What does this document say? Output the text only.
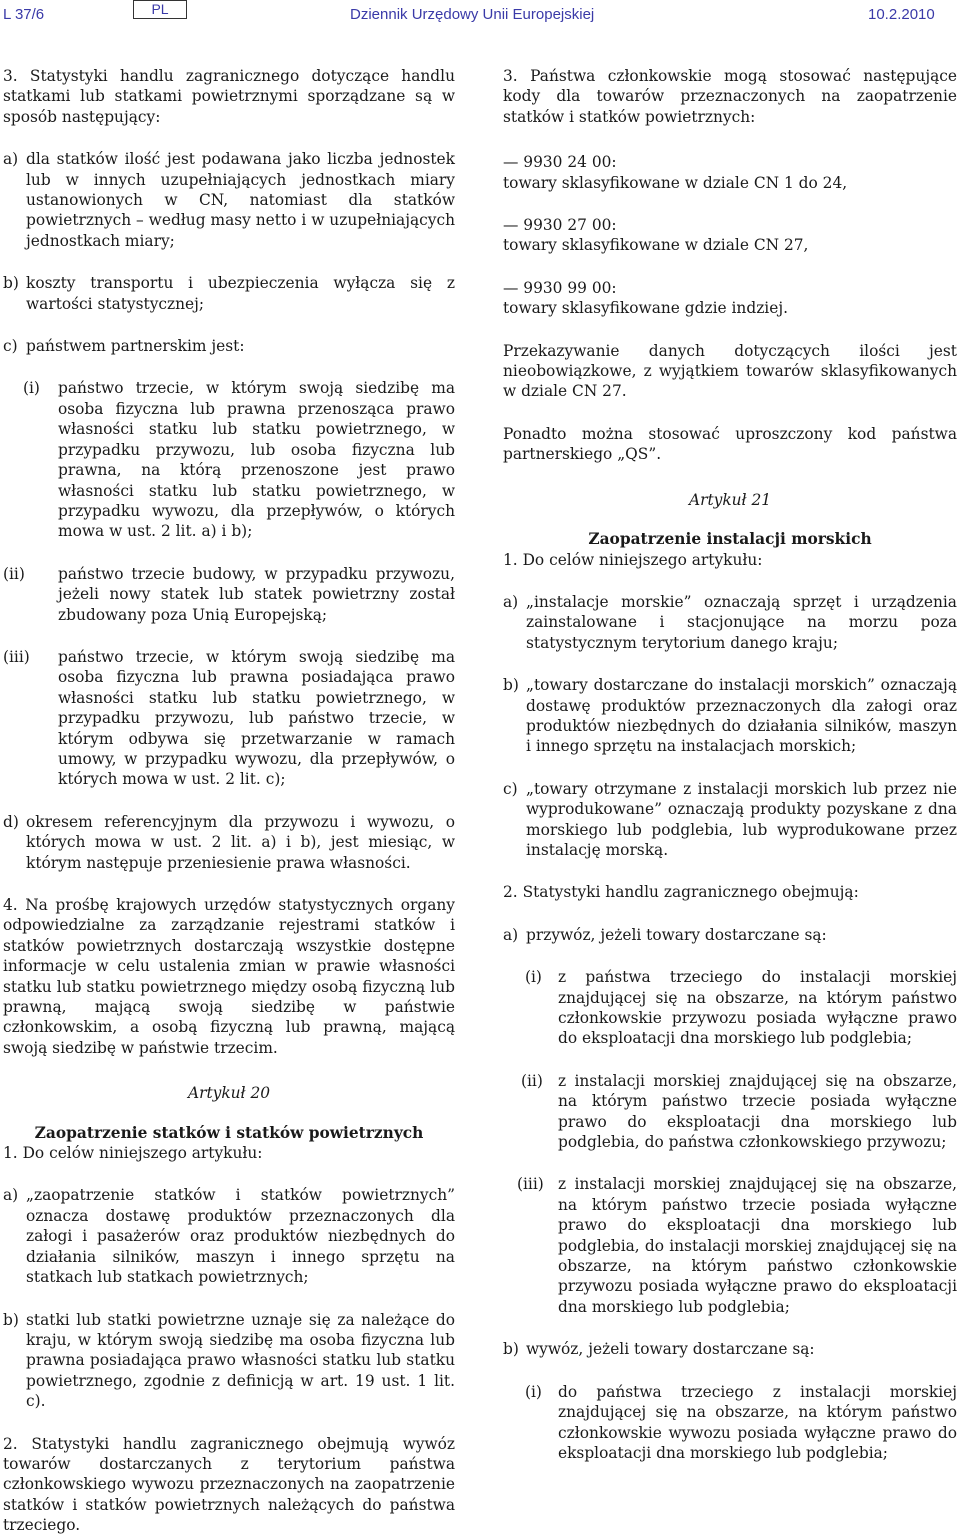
L 37/6	PL	Dziennik Urzędowy Unii Europejskiej	10.2.2010

3. Statystyki handlu zagranicznego dotyczące handlu statkami lub statkami powietrznymi sporządzane są w sposób następujący:

a) dla statków ilość jest podawana jako liczba jednostek lub w innych uzupełniających jednostkach miary ustanowionych w CN, natomiast dla statków powietrznych – według masy netto i w uzupełniających jednostkach miary;

b) koszty transportu i ubezpieczenia wyłącza się z wartości statystycznej;

c) państwem partnerskim jest:

(i) państwo trzecie, w którym swoją siedzibę ma osoba fizyczna lub prawna przenosząca prawo własności statku lub statku powietrznego, w przypadku przywozu, lub osoba fizyczna lub prawna, na którą przenoszone jest prawo własności statku lub statku powietrznego, w przypadku wywozu, dla przepływów, o których mowa w ust. 2 lit. a) i b);

(ii) państwo trzecie budowy, w przypadku przywozu, jeżeli nowy statek lub statek powietrzny został zbudowany poza Unią Europejską;

(iii) państwo trzecie, w którym swoją siedzibę ma osoba fizyczna lub prawna posiadająca prawo własności statku lub statku powietrznego, w przypadku przywozu, lub państwo trzecie, w którym odbywa się przetwarzanie w ramach umowy, w przypadku wywozu, dla przepływów, o których mowa w ust. 2 lit. c);

d) okresem referencyjnym dla przywozu i wywozu, o których mowa w ust. 2 lit. a) i b), jest miesiąc, w którym następuje przeniesienie prawa własności.

4. Na prośbę krajowych urzędów statystycznych organy odpowiedzialne za zarządzanie rejestrami statków i statków powietrznych dostarczają wszystkie dostępne informacje w celu ustalenia zmian w prawie własności statku lub statku powietrznego między osobą fizyczną lub prawną, mającą swoją siedzibę w państwie członkowskim, a osobą fizyczną lub prawną, mającą swoją siedzibę w państwie trzecim.

Artykuł 20

Zaopatrzenie statków i statków powietrznych

1. Do celów niniejszego artykułu:

a) „zaopatrzenie statków i statków powietrznych” oznacza dostawę produktów przeznaczonych dla załogi i pasażerów oraz produktów niezbędnych do działania silników, maszyn i innego sprzętu na statkach lub statkach powietrznych;

b) statki lub statki powietrzne uznaje się za należące do kraju, w którym swoją siedzibę ma osoba fizyczna lub prawna posiadająca prawo własności statku lub statku powietrznego, zgodnie z definicją w art. 19 ust. 1 lit. c).

2. Statystyki handlu zagranicznego obejmują wywóz towarów dostarczanych z terytorium państwa członkowskiego wywozu przeznaczonych na zaopatrzenie statków i statków powietrznych należących do państwa trzeciego.

3. Państwa członkowskie mogą stosować następujące kody dla towarów przeznaczonych na zaopatrzenie statków i statków powietrznych:

— 9930 24 00:

towary sklasyfikowane w dziale CN 1 do 24,

— 9930 27 00:

towary sklasyfikowane w dziale CN 27,

— 9930 99 00:

towary sklasyfikowane gdzie indziej.

Przekazywanie danych dotyczących ilości jest nieobowiązkowe, z wyjątkiem towarów sklasyfikowanych w dziale CN 27.

Ponadto można stosować uproszczony kod państwa partnerskiego „QS”.

Artykuł 21

Zaopatrzenie instalacji morskich

1. Do celów niniejszego artykułu:

a) „instalacje morskie” oznaczają sprzęt i urządzenia zainstalowane i stacjonujące na morzu poza statystycznym terytorium danego kraju;

b) „towary dostarczane do instalacji morskich” oznaczają dostawę produktów przeznaczonych dla załogi oraz produktów niezbędnych do działania silników, maszyn i innego sprzętu na instalacjach morskich;

c) „towary otrzymane z instalacji morskich lub przez nie wyprodukowane” oznaczają produkty pozyskane z dna morskiego lub podglebia, lub wyprodukowane przez instalację morską.

2. Statystyki handlu zagranicznego obejmują:

a) przywóz, jeżeli towary dostarczane są:

(i) z państwa trzeciego do instalacji morskiej znajdującej się na obszarze, na którym państwo członkowskie przywozu posiada wyłączne prawo do eksploatacji dna morskiego lub podglebia;

(ii) z instalacji morskiej znajdującej się na obszarze, na którym państwo trzecie posiada wyłączne prawo do eksploatacji dna morskiego lub podglebia, do państwa członkowskiego przywozu;

(iii) z instalacji morskiej znajdującej się na obszarze, na którym państwo trzecie posiada wyłączne prawo do eksploatacji dna morskiego lub podglebia, do instalacji morskiej znajdującej się na obszarze, na którym państwo członkowskie przywozu posiada wyłączne prawo do eksploatacji dna morskiego lub podglebia;

b) wywóz, jeżeli towary dostarczane są:

(i) do państwa trzeciego z instalacji morskiej znajdującej się na obszarze, na którym państwo członkowskie wywozu posiada wyłączne prawo do eksploatacji dna morskiego lub podglebia;
